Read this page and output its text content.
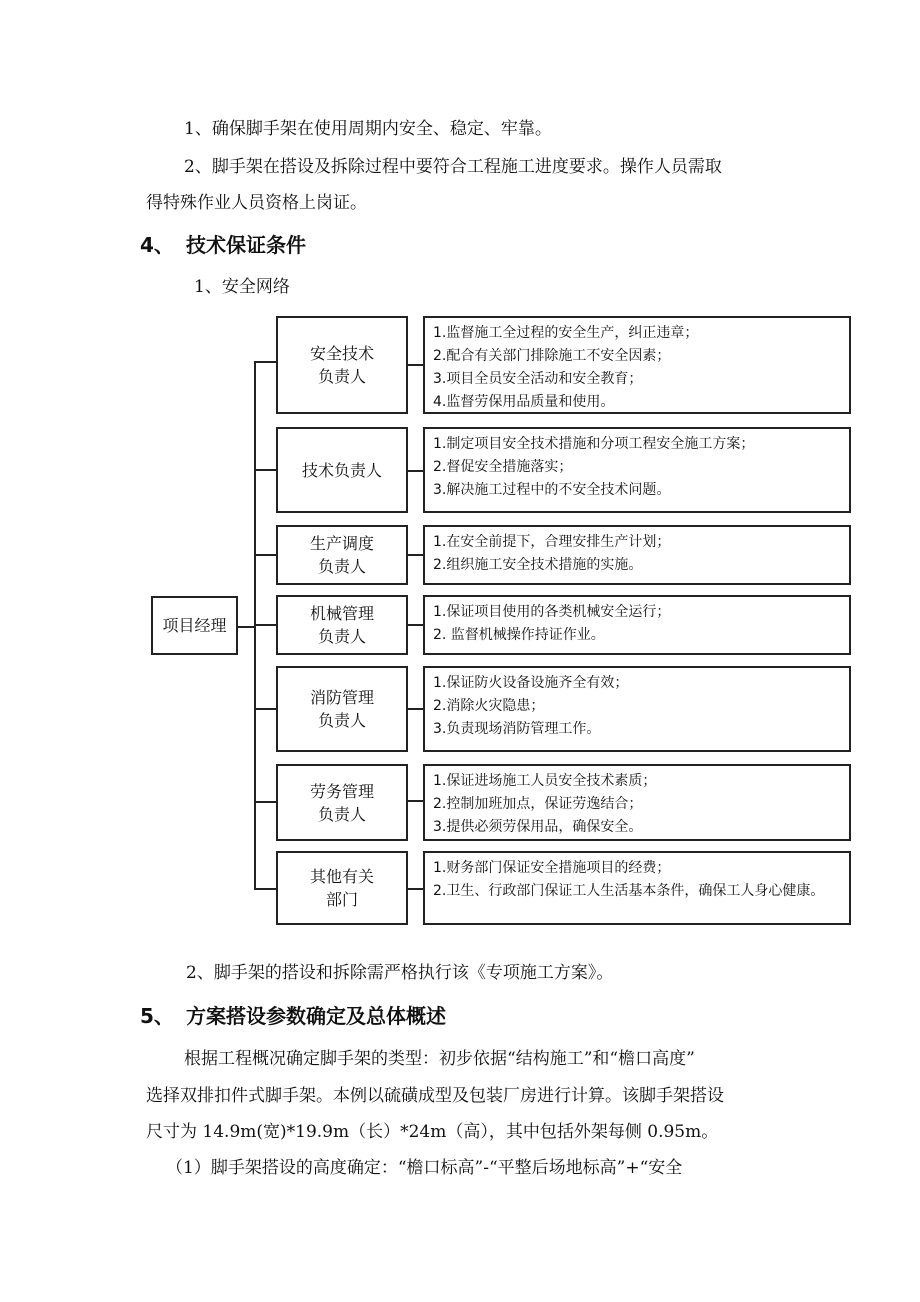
1、确保脚手架在使用周期内安全、稳定、牢靠。
2、脚手架在搭设及拆除过程中要符合工程施工进度要求。操作人员需取
得特殊作业人员资格上岗证。
4、 技术保证条件
1、安全网络
项目经理
安全技术
负责人
1.监督施工全过程的安全生产，纠正违章；
2.配合有关部门排除施工不安全因素；
3.项目全员安全活动和安全教育；
4.监督劳保用品质量和使用。
技术负责人
1.制定项目安全技术措施和分项工程安全施工方案；
2.督促安全措施落实；
3.解决施工过程中的不安全技术问题。
生产调度
负责人
1.在安全前提下，合理安排生产计划；
2.组织施工安全技术措施的实施。
机械管理
负责人
1.保证项目使用的各类机械安全运行；
2. 监督机械操作持证作业。
消防管理
负责人
1.保证防火设备设施齐全有效；
2.消除火灾隐患；
3.负责现场消防管理工作。
劳务管理
负责人
1.保证进场施工人员安全技术素质；
2.控制加班加点，保证劳逸结合；
3.提供必须劳保用品，确保安全。
其他有关
部门
1.财务部门保证安全措施项目的经费；
2.卫生、行政部门保证工人生活基本条件，确保工人身心健康。
2、脚手架的搭设和拆除需严格执行该《专项施工方案》。
5、 方案搭设参数确定及总体概述
根据工程概况确定脚手架的类型：初步依据“结构施工”和“檐口高度”
选择双排扣件式脚手架。本例以硫磺成型及包装厂房进行计算。该脚手架搭设
尺寸为 14.9m(宽)*19.9m（长）*24m（高），其中包括外架每侧 0.95m。
（1）脚手架搭设的高度确定：“檐口标高”-“平整后场地标高”+“安全
